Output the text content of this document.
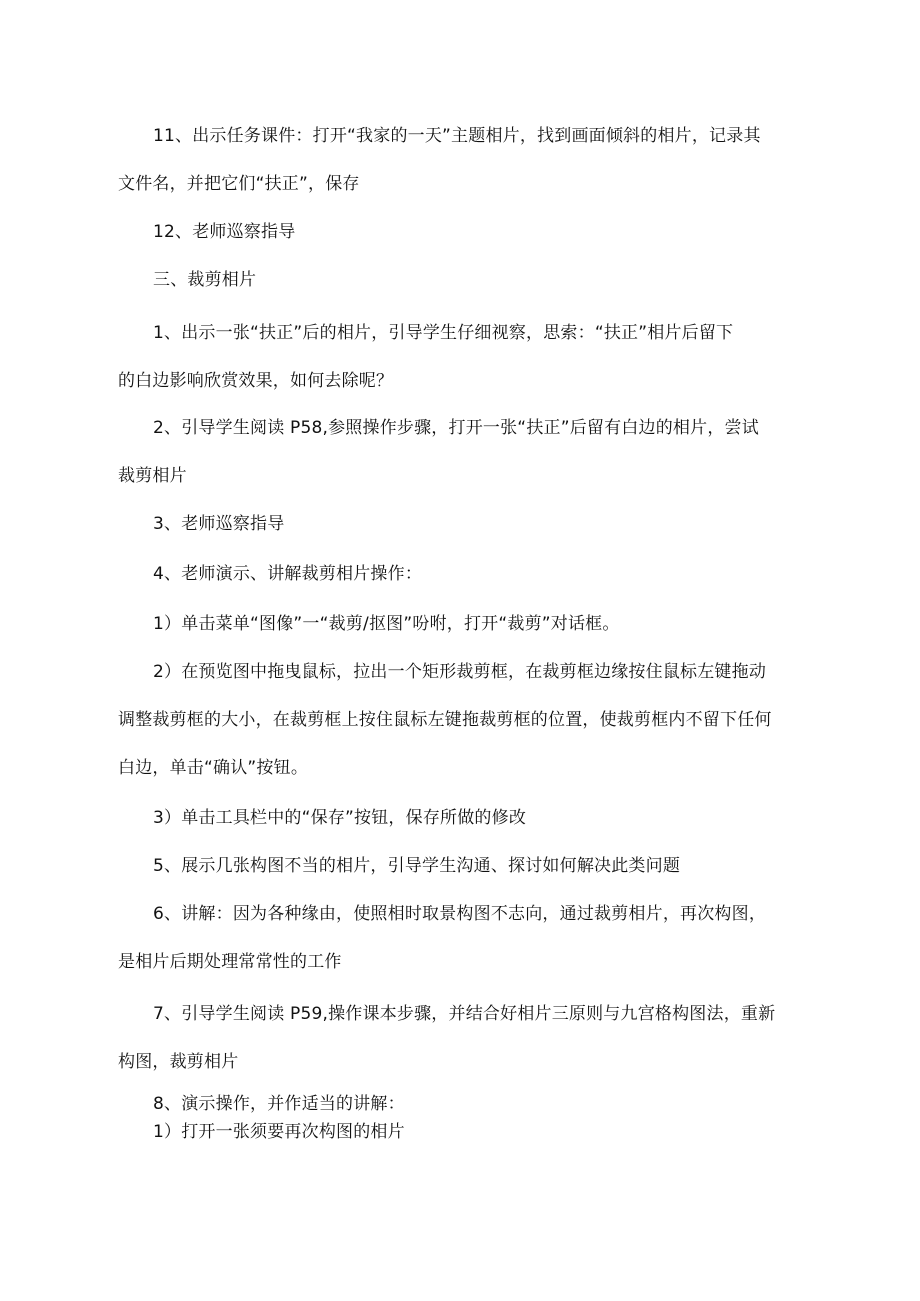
11、出示任务课件：打开“我家的一天”主题相片，找到画面倾斜的相片，记录其
文件名，并把它们“扶正”，保存
12、老师巡察指导
三、裁剪相片
1、出示一张“扶正”后的相片，引导学生仔细视察，思索：“扶正”相片后留下
的白边影响欣赏效果，如何去除呢？
2、引导学生阅读 P58,参照操作步骤，打开一张“扶正”后留有白边的相片，尝试
裁剪相片
3、老师巡察指导
4、老师演示、讲解裁剪相片操作：
1）单击菜单“图像”一“裁剪/抠图”吩咐，打开“裁剪”对话框。
2）在预览图中拖曳鼠标，拉出一个矩形裁剪框，在裁剪框边缘按住鼠标左键拖动
调整裁剪框的大小，在裁剪框上按住鼠标左键拖裁剪框的位置，使裁剪框内不留下任何
白边，单击“确认”按钮。
3）单击工具栏中的“保存”按钮，保存所做的修改
5、展示几张构图不当的相片，引导学生沟通、探讨如何解决此类问题
6、讲解：因为各种缘由，使照相时取景构图不志向，通过裁剪相片，再次构图，
是相片后期处理常常性的工作
7、引导学生阅读 P59,操作课本步骤，并结合好相片三原则与九宫格构图法，重新
构图，裁剪相片
8、演示操作，并作适当的讲解：
1）打开一张须要再次构图的相片
